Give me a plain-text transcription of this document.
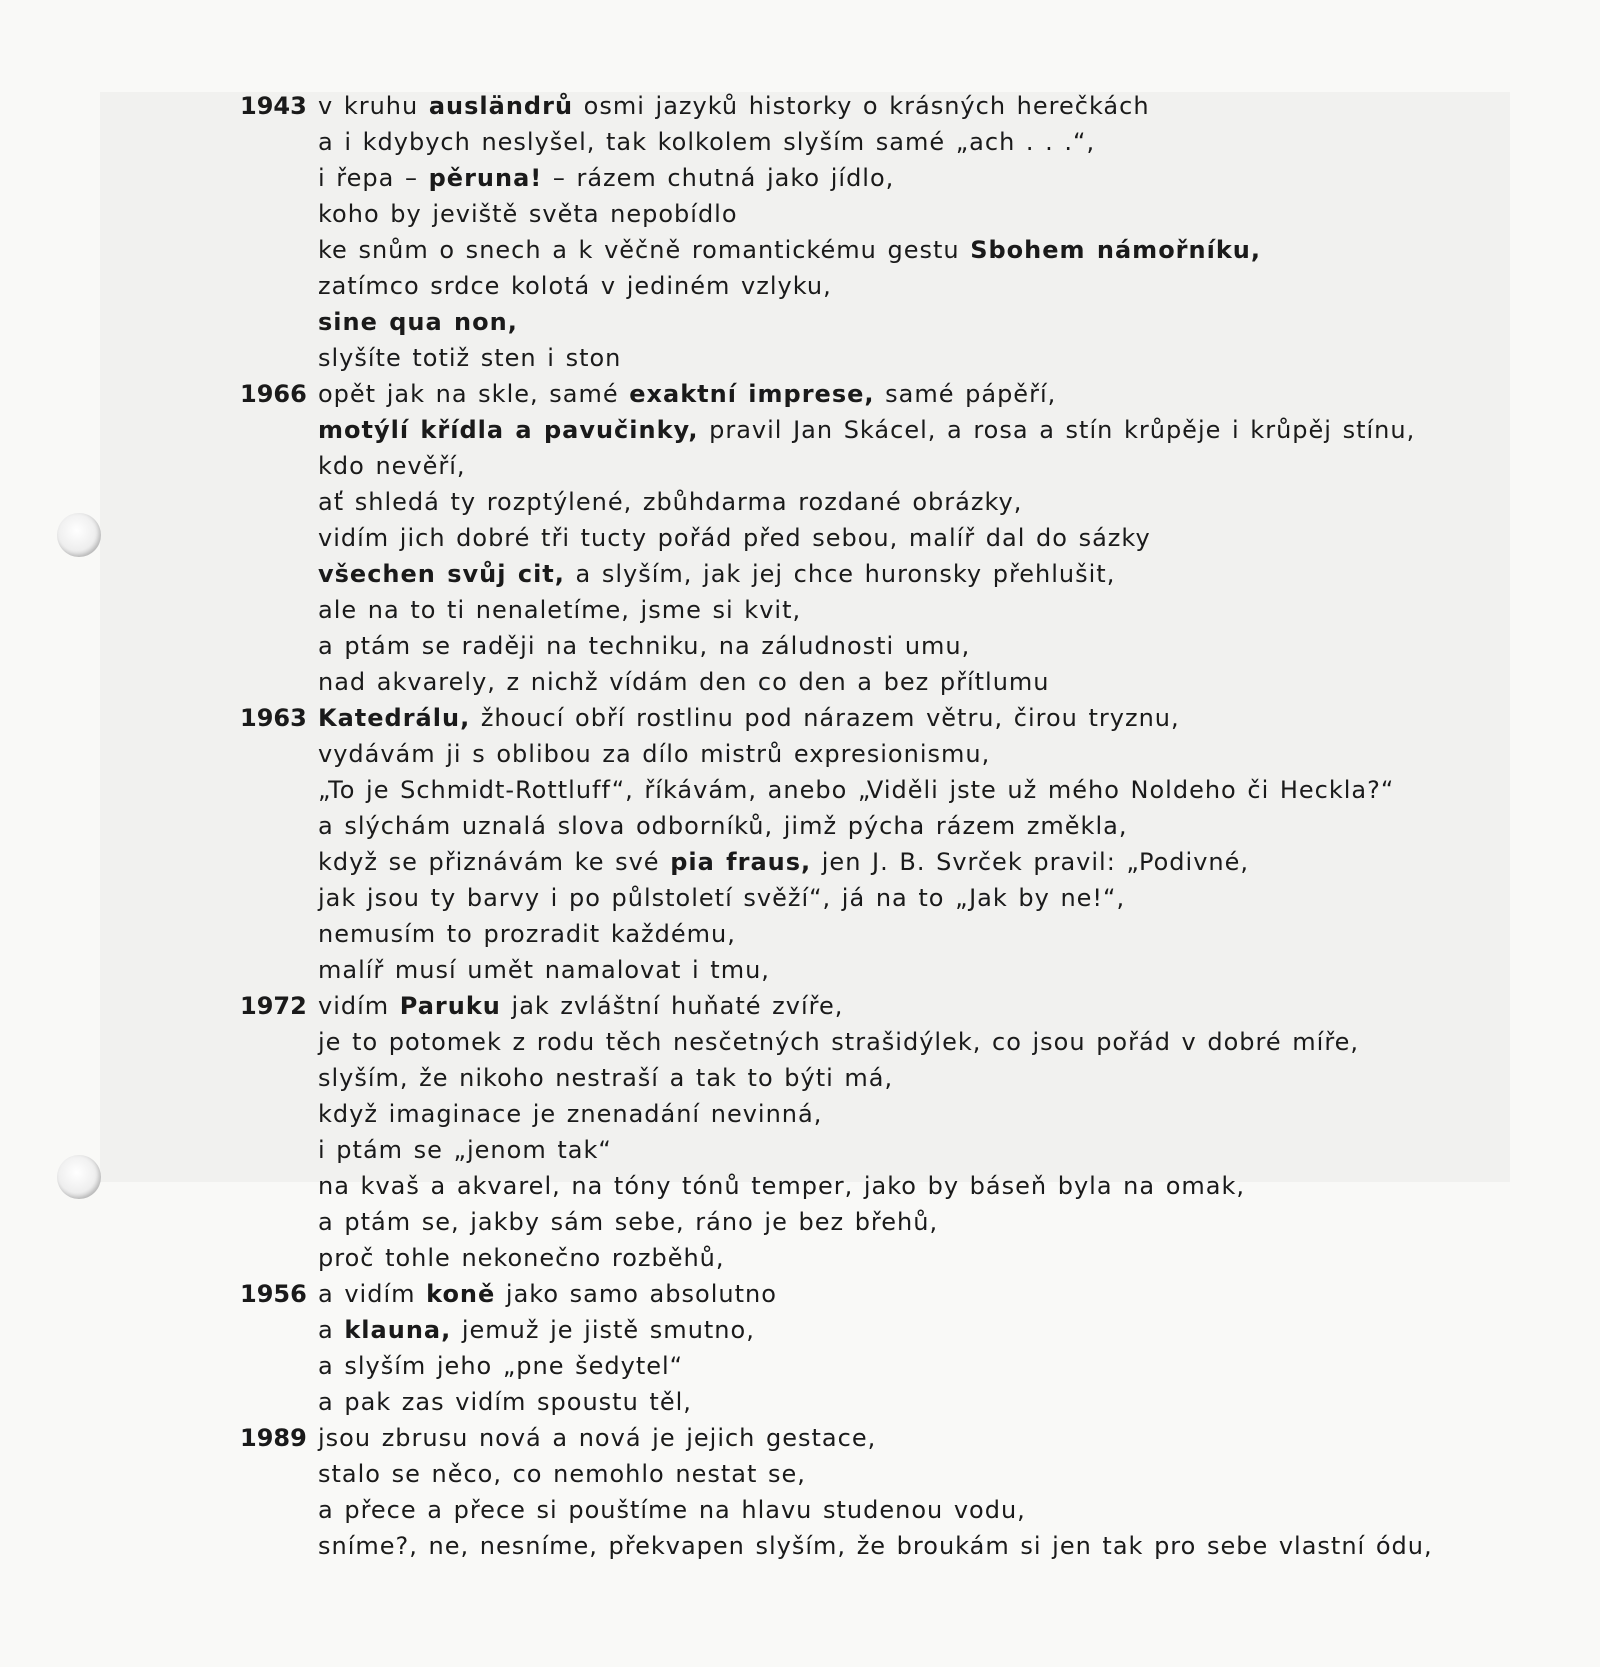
1943 v kruhu ausländrů osmi jazyků historky o krásných herečkách
a i kdybych neslyšel, tak kolkolem slyším samé „ach . . .“,
i řepa – pěruna! – rázem chutná jako jídlo,
koho by jeviště světa nepobídlo
ke snům o snech a k věčně romantickému gestu Sbohem námořníku,
zatímco srdce kolotá v jediném vzlyku,
sine qua non,
slyšíte totiž sten i ston
1966 opět jak na skle, samé exaktní imprese, samé pápěří,
motýlí křídla a pavučinky, pravil Jan Skácel, a rosa a stín krůpěje i krůpěj stínu,
kdo nevěří,
ať shledá ty rozptýlené, zbůhdarma rozdané obrázky,
vidím jich dobré tři tucty pořád před sebou, malíř dal do sázky
všechen svůj cit, a slyším, jak jej chce huronsky přehlušit,
ale na to ti nenaletíme, jsme si kvit,
a ptám se raději na techniku, na záludnosti umu,
nad akvarely, z nichž vídám den co den a bez přítlumu
1963 Katedrálu, žhoucí obří rostlinu pod nárazem větru, čirou tryznu,
vydávám ji s oblibou za dílo mistrů expresionismu,
„To je Schmidt-Rottluff“, říkávám, anebo „Viděli jste už mého Noldeho či Heckla?“
a slýchám uznalá slova odborníků, jimž pýcha rázem změkla,
když se přiznávám ke své pia fraus, jen J. B. Svrček pravil: „Podivné,
jak jsou ty barvy i po půlstoletí svěží“, já na to „Jak by ne!“,
nemusím to prozradit každému,
malíř musí umět namalovat i tmu,
1972 vidím Paruku jak zvláštní huňaté zvíře,
je to potomek z rodu těch nesčetných strašidýlek, co jsou pořád v dobré míře,
slyším, že nikoho nestraší a tak to býti má,
když imaginace je znenadání nevinná,
i ptám se „jenom tak“
na kvaš a akvarel, na tóny tónů temper, jako by báseň byla na omak,
a ptám se, jakby sám sebe, ráno je bez břehů,
proč tohle nekonečno rozběhů,
1956 a vidím koně jako samo absolutno
a klauna, jemuž je jistě smutno,
a slyším jeho „pne šedytel“
a pak zas vidím spoustu těl,
1989 jsou zbrusu nová a nová je jejich gestace,
stalo se něco, co nemohlo nestat se,
a přece a přece si pouštíme na hlavu studenou vodu,
sníme?, ne, nesníme, překvapen slyším, že broukám si jen tak pro sebe vlastní ódu,
